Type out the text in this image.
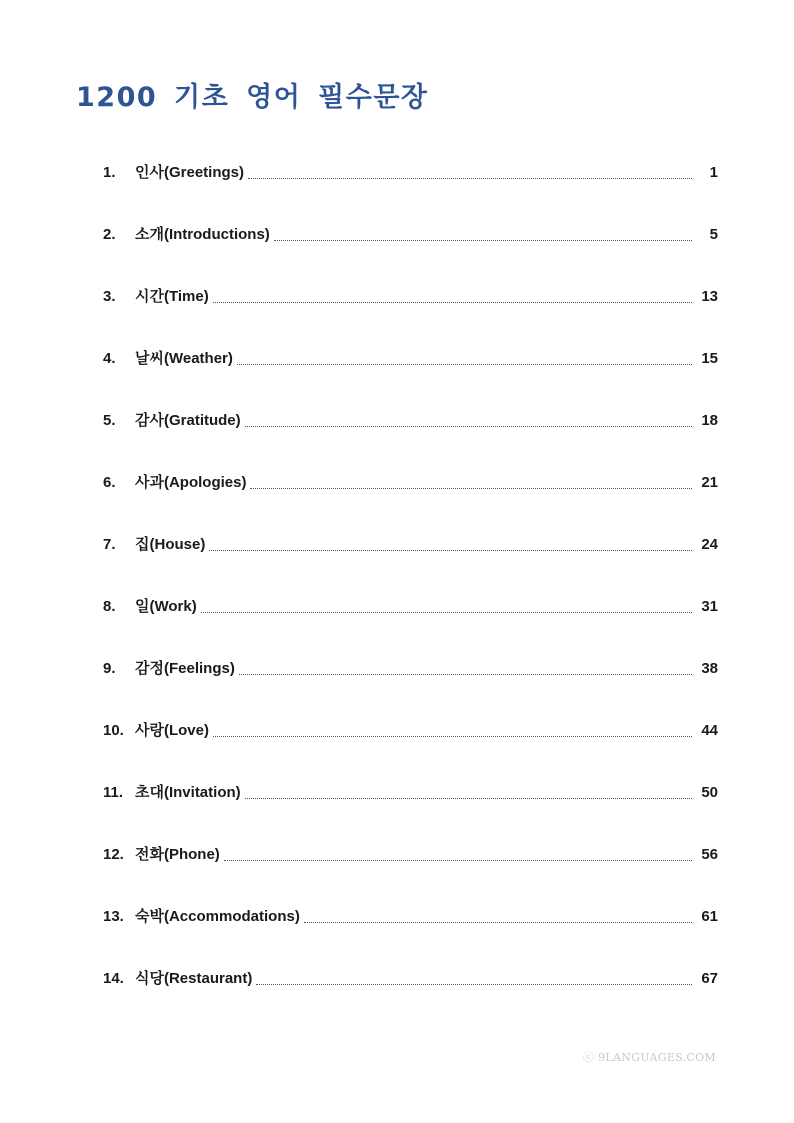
1200 기초 영어 필수문장
1.	인사(Greetings)	1
2.	소개(Introductions)	5
3.	시간(Time)	13
4.	날씨(Weather)	15
5.	감사(Gratitude)	18
6.	사과(Apologies)	21
7.	집(House)	24
8.	일(Work)	31
9.	감정(Feelings)	38
10. 사랑(Love)	44
11. 초대(Invitation)	50
12. 전화(Phone)	56
13. 숙박(Accommodations)	61
14. 식당(Restaurant)	67
ⓒ 9LANGUAGES.COM
